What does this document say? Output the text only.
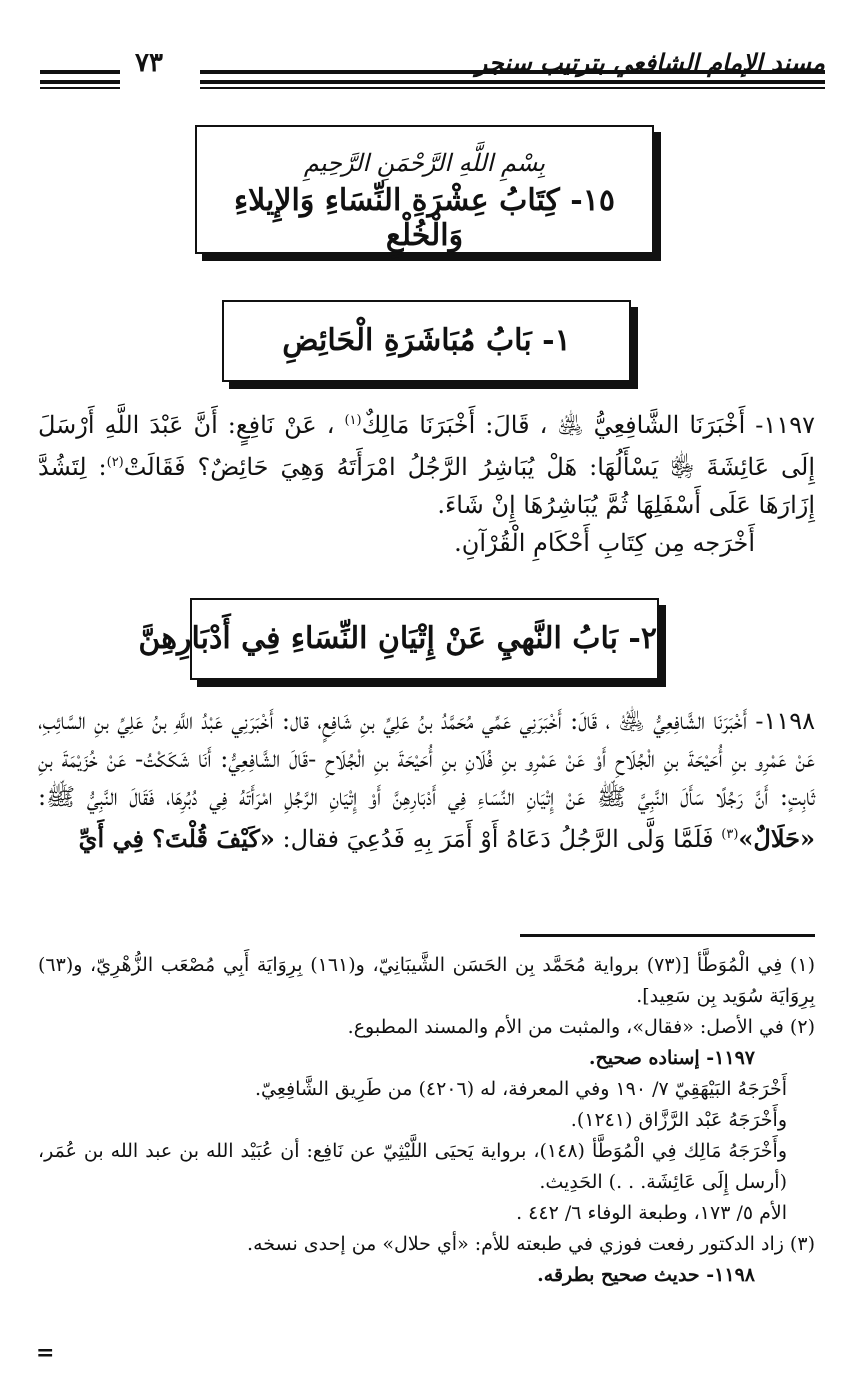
مسند الإمام الشافعي بترتيب سنجر
٧٣
بِسْمِ اللَّهِ الرَّحْمَنِ الرَّحِيمِ
١٥- كِتَابُ عِشْرَةِ النِّسَاءِ وَالإِيلاءِ وَالْخُلْعِ
١- بَابُ مُبَاشَرَةِ الْحَائِضِ

١١٩٧- أَخْبَرَنَا الشَّافِعِيُّ ﵁ ، قَالَ: أَخْبَرَنَا مَالِكٌ$^{(١)}$ ، عَنْ نَافِعٍ: أَنَّ عَبْدَ اللَّهِ أَرْسَلَ إِلَى عَائِشَةَ ﵂ يَسْأَلُهَا: هَلْ يُبَاشِرُ الرَّجُلُ امْرَأَتَهُ وَهِيَ حَائِضٌ؟ فَقَالَتْ$^{(٢)}$: لِتَشُدَّ إِزَارَهَا عَلَى أَسْفَلِهَا ثُمَّ يُبَاشِرُهَا إِنْ شَاءَ.

أَخْرَجه مِن كِتَابِ أَحْكَامِ الْقُرْآنِ.

٢- بَابُ النَّهيِ عَنْ إِتْيَانِ النِّسَاءِ فِي أَدْبَارِهِنَّ

١١٩٨- أَخْبَرَنَا الشَّافِعِيُّ ﵁ ، قَالَ: أَخْبَرَنِي عَمِّي مُحَمَّدُ بنُ عَلِيِّ بنِ شَافِعٍ، قال: أَخْبَرَنِي عَبْدُ اللَّهِ بنُ عَلِيِّ بنِ السَّائِبِ، عَنْ عَمْرِو بنِ أُحَيْحَةَ بنِ الْجُلَاحِ أَوْ عَنْ عَمْرِو بنِ فُلَانِ بنِ أُحَيْحَةَ بنِ الْجُلَاحِ -قَالَ الشَّافِعِيُّ: أَنَا شَكَكْتُ- عَنْ خُزَيْمَةَ بنِ ثَابِتٍ: أَنَّ رَجُلًا سَأَلَ النَّبِيَّ ﷺ عَنْ إِتْيَانِ النِّسَاءِ فِي أَدْبَارِهِنَّ أَوْ إِتْيَانِ الرَّجُلِ امْرَأَتَهُ فِي دُبُرِهَا، فَقَالَ النَّبِيُّ ﷺ: «حَلَالٌ»$^{(٣)}$ فَلَمَّا وَلَّى الرَّجُلُ دَعَاهُ أَوْ أَمَرَ بِهِ فَدُعِيَ فقال: «كَيْفَ قُلْتَ؟ فِي أَيِّ

(١) فِي الْمُوَطَّأ [(٧٣) برواية مُحَمَّد بِن الحَسَن الشَّيبَانِيّ، و(١٦١) بِرِوَايَة أَبِي مُصْعَب الزُّهْرِيّ، و(٦٣) بِرِوَايَة سُوَيد بِن سَعِيد].

(٢) في الأصل: «فقال»، والمثبت من الأم والمسند المطبوع.

١١٩٧- إسناده صحيح.

أَخْرَجَهُ البَيْهَقِيّ ٧/ ١٩٠ وفي المعرفة، له (٤٢٠٦) من طَرِيق الشَّافِعِيّ.

وأَخْرَجَهُ عَبْد الرَّزَّاق (١٢٤١).

وأَخْرَجَهُ مَالِك فِي الْمُوَطَّأ (١٤٨)، برواية يَحيَى اللَّيْثِيّ عن نَافِع: أن عُبَيْد الله بن عبد الله بن عُمَر، (أرسل إِلَى عَائِشَة. . .) الحَدِيث.

الأم ٥/ ١٧٣، وطبعة الوفاء ٦/ ٤٤٢ .

(٣) زاد الدكتور رفعت فوزي في طبعته للأم: «أي حلال» من إحدى نسخه.

١١٩٨- حديث صحيح بطرقه.

=
